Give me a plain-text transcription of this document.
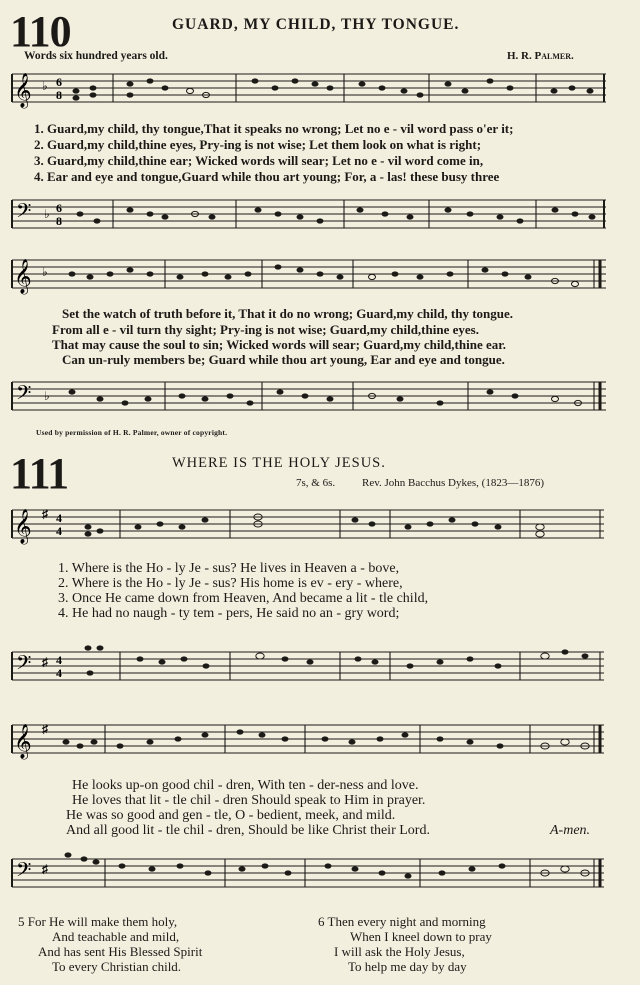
110	GUARD, MY CHILD, THY TONGUE.
Words six hundred years old.	H. R. Palmer.
𝄞 ♭ 6
8
1. Guard,my child, thy tongue,That it speaks no wrong; Let no e - vil word pass o'er it;
2. Guard,my child,thine eyes, Pry-ing is not wise; Let them look on what is right;
3. Guard,my child,thine ear; Wicked words will sear; Let no e - vil word come in,
4. Ear and eye and tongue,Guard while thou art young; For, a - las! these busy three
𝄢 ♭ 6
8
𝄞 ♭
Set the watch of truth before it, That it do no wrong; Guard,my child, thy tongue.
From all e - vil turn thy sight; Pry-ing is not wise; Guard,my child,thine eyes.
That may cause the soul to sin; Wicked words will sear; Guard,my child,thine ear.
Can un-ruly members be; Guard while thou art young, Ear and eye and tongue.
𝄢 ♭
Used by permission of H. R. Palmer, owner of copyright.
111	WHERE IS THE HOLY JESUS.
7s, & 6s. Rev. John Bacchus Dykes, (1823—1876)
𝄞 ♯ 4
4
1. Where is the Ho - ly Je - sus? He lives in Heaven a - bove,
2. Where is the Ho - ly Je - sus? His home is ev - ery - where,
3. Once He came down from Heaven, And became a lit - tle child,
4. He had no naugh - ty tem - pers, He said no an - gry word;
𝄢 ♯ 4
4
𝄞 ♯
He looks up-on good chil - dren, With ten - der-ness and love.
He loves that lit - tle chil - dren Should speak to Him in prayer.
He was so good and gen - tle, O - bedient, meek, and mild.
And all good lit - tle chil - dren, Should be like Christ their Lord.
𝄢 ♯
A-men.
5 For He will make them holy,
And teachable and mild,
And has sent His Blessed Spirit
To every Christian child.
6 Then every night and morning
When I kneel down to pray
I will ask the Holy Jesus,
To help me day by day
